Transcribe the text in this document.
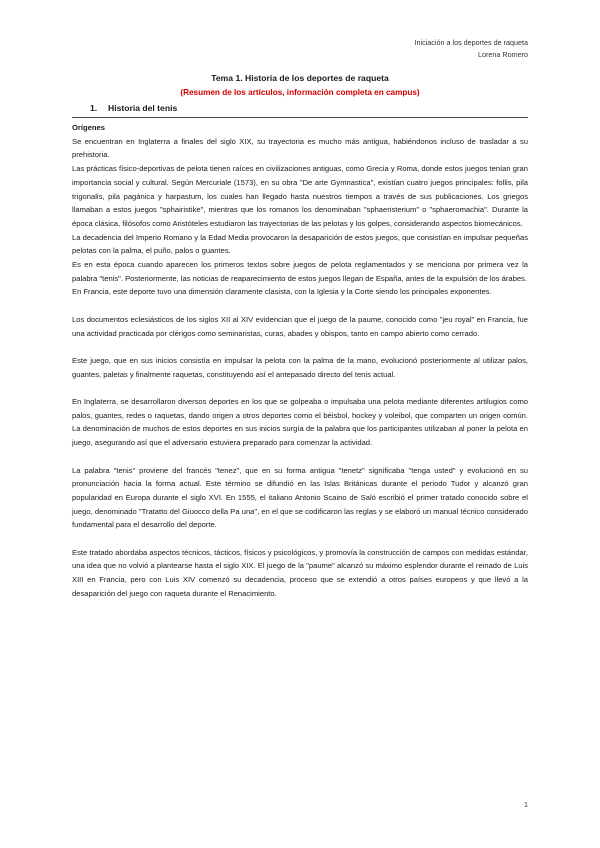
Iniciación a los deportes de raqueta
Lorena Romero
Tema 1. Historia de los deportes de raqueta
(Resumen de los artículos, información completa en campus)
1. Historia del tenis

Orígenes

Se encuentran en Inglaterra a finales del siglo XIX, su trayectoria es mucho más antigua, habiéndonos incluso de trasladar a su prehistoria.

Las prácticas físico-deportivas de pelota tienen raíces en civilizaciones antiguas, como Grecia y Roma, donde estos juegos tenían gran importancia social y cultural. Según Mercuriale (1573), en su obra "De arte Gymnastica", existían cuatro juegos principales: follis, pila trigonalis, pila pagánica y harpastum, los cuales han llegado hasta nuestros tiempos a través de sus publicaciones. Los griegos llamaban a estos juegos "sphairistike", mientras que los romanos los denominaban "sphaeristerium" o "sphaeromachia". Durante la época clásica, filósofos como Aristóteles estudiaron las trayectorias de las pelotas y los golpes, considerando aspectos biomecánicos.

La decadencia del Imperio Romano y la Edad Media provocaron la desaparición de estos juegos, que consistían en impulsar pequeñas pelotas con la palma, el puño, palos o guantes.

Es en esta época cuando aparecen los primeros textos sobre juegos de pelota reglamentados y se menciona por primera vez la palabra "tenis". Posteriormente, las noticias de reaparecimiento de estos juegos llegan de España, antes de la expulsión de los árabes.

En Francia, este deporte tuvo una dimensión claramente clasista, con la Iglesia y la Corte siendo los principales exponentes.

Los documentos eclesiásticos de los siglos XII al XIV evidencian que el juego de la paume, conocido como "jeu royal" en Francia, fue una actividad practicada por clérigos como seminaristas, curas, abades y obispos, tanto en campo abierto como cerrado.

Este juego, que en sus inicios consistía en impulsar la pelota con la palma de la mano, evolucionó posteriormente al utilizar palos, guantes, paletas y finalmente raquetas, constituyendo así el antepasado directo del tenis actual.

En Inglaterra, se desarrollaron diversos deportes en los que se golpeaba o impulsaba una pelota mediante diferentes artilugios como palos, guantes, redes o raquetas, dando origen a otros deportes como el béisbol, hockey y voleibol, que comparten un origen común. La denominación de muchos de estos deportes en sus inicios surgía de la palabra que los participantes utilizaban al poner la pelota en juego, asegurando así que el adversario estuviera preparado para comenzar la actividad.

La palabra "tenis" proviene del francés "tenez", que en su forma antigua "tenetz" significaba "tenga usted" y evolucionó en su pronunciación hacia la forma actual. Este término se difundió en las Islas Británicas durante el periodo Tudor y alcanzó gran popularidad en Europa durante el siglo XVI. En 1555, el italiano Antonio Scaino de Saló escribió el primer tratado conocido sobre el juego, denominado "Tratatto del Giuocco della Pa una", en el que se codificaron las reglas y se elaboró un manual técnico considerado fundamental para el desarrollo del deporte.

Este tratado abordaba aspectos técnicos, tácticos, físicos y psicológicos, y promovía la construcción de campos con medidas estándar, una idea que no volvió a plantearse hasta el siglo XIX. El juego de la "paume" alcanzó su máximo esplendor durante el reinado de Luis XIII en Francia, pero con Luis XIV comenzó su decadencia, proceso que se extendió a otros países europeos y que llevó a la desaparición del juego con raqueta durante el Renacimiento.

1
